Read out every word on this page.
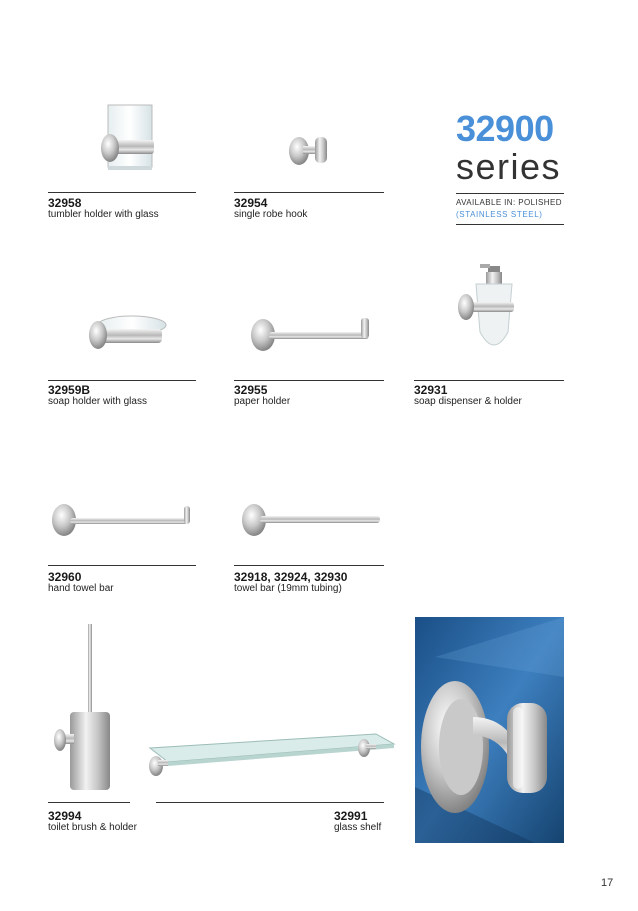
32958
tumbler holder with glass
32954
single robe hook
32900
series
AVAILABLE IN: POLISHED
(STAINLESS STEEL)
32959B
soap holder with glass
32955
paper holder
32931
soap dispenser & holder
32960
hand towel bar
32918, 32924, 32930
towel bar (19mm tubing)
32994
toilet brush & holder
32991
glass shelf
17
